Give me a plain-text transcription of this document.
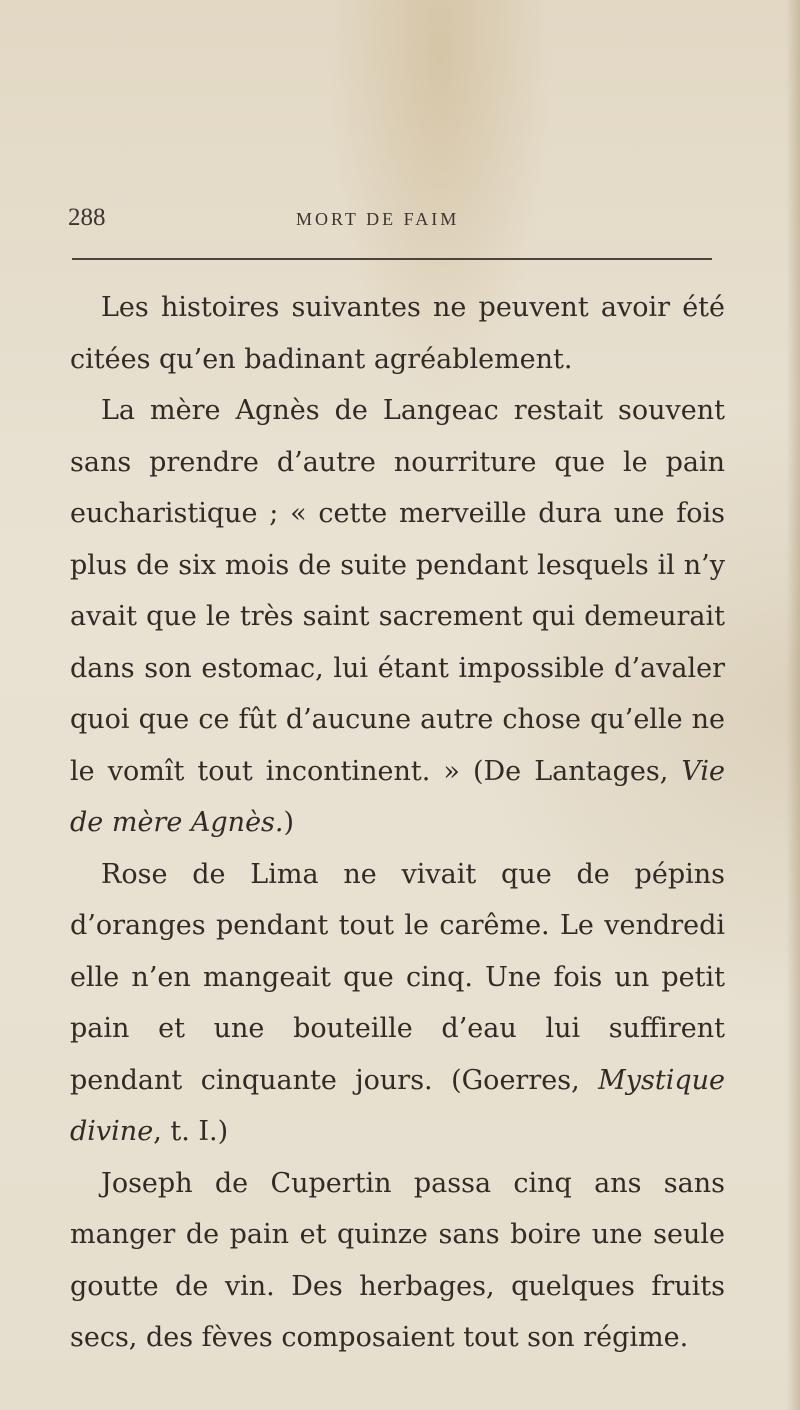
288	MORT DE FAIM

Les histoires suivantes ne peuvent avoir été citées qu’en badinant agréablement.

La mère Agnès de Langeac restait souvent sans prendre d’autre nourriture que le pain eucharistique ; « cette merveille dura une fois plus de six mois de suite pendant lesquels il n’y avait que le très saint sacrement qui demeurait dans son estomac, lui étant impossible d’avaler quoi que ce fût d’aucune autre chose qu’elle ne le vomît tout incontinent. » (De Lantages, Vie de mère Agnès.)

Rose de Lima ne vivait que de pépins d’oranges pendant tout le carême. Le vendredi elle n’en mangeait que cinq. Une fois un petit pain et une bouteille d’eau lui suffirent pendant cinquante jours. (Goerres, Mystique divine, t. I.)

Joseph de Cupertin passa cinq ans sans manger de pain et quinze sans boire une seule goutte de vin. Des herbages, quelques fruits secs, des fèves composaient tout son régime.
